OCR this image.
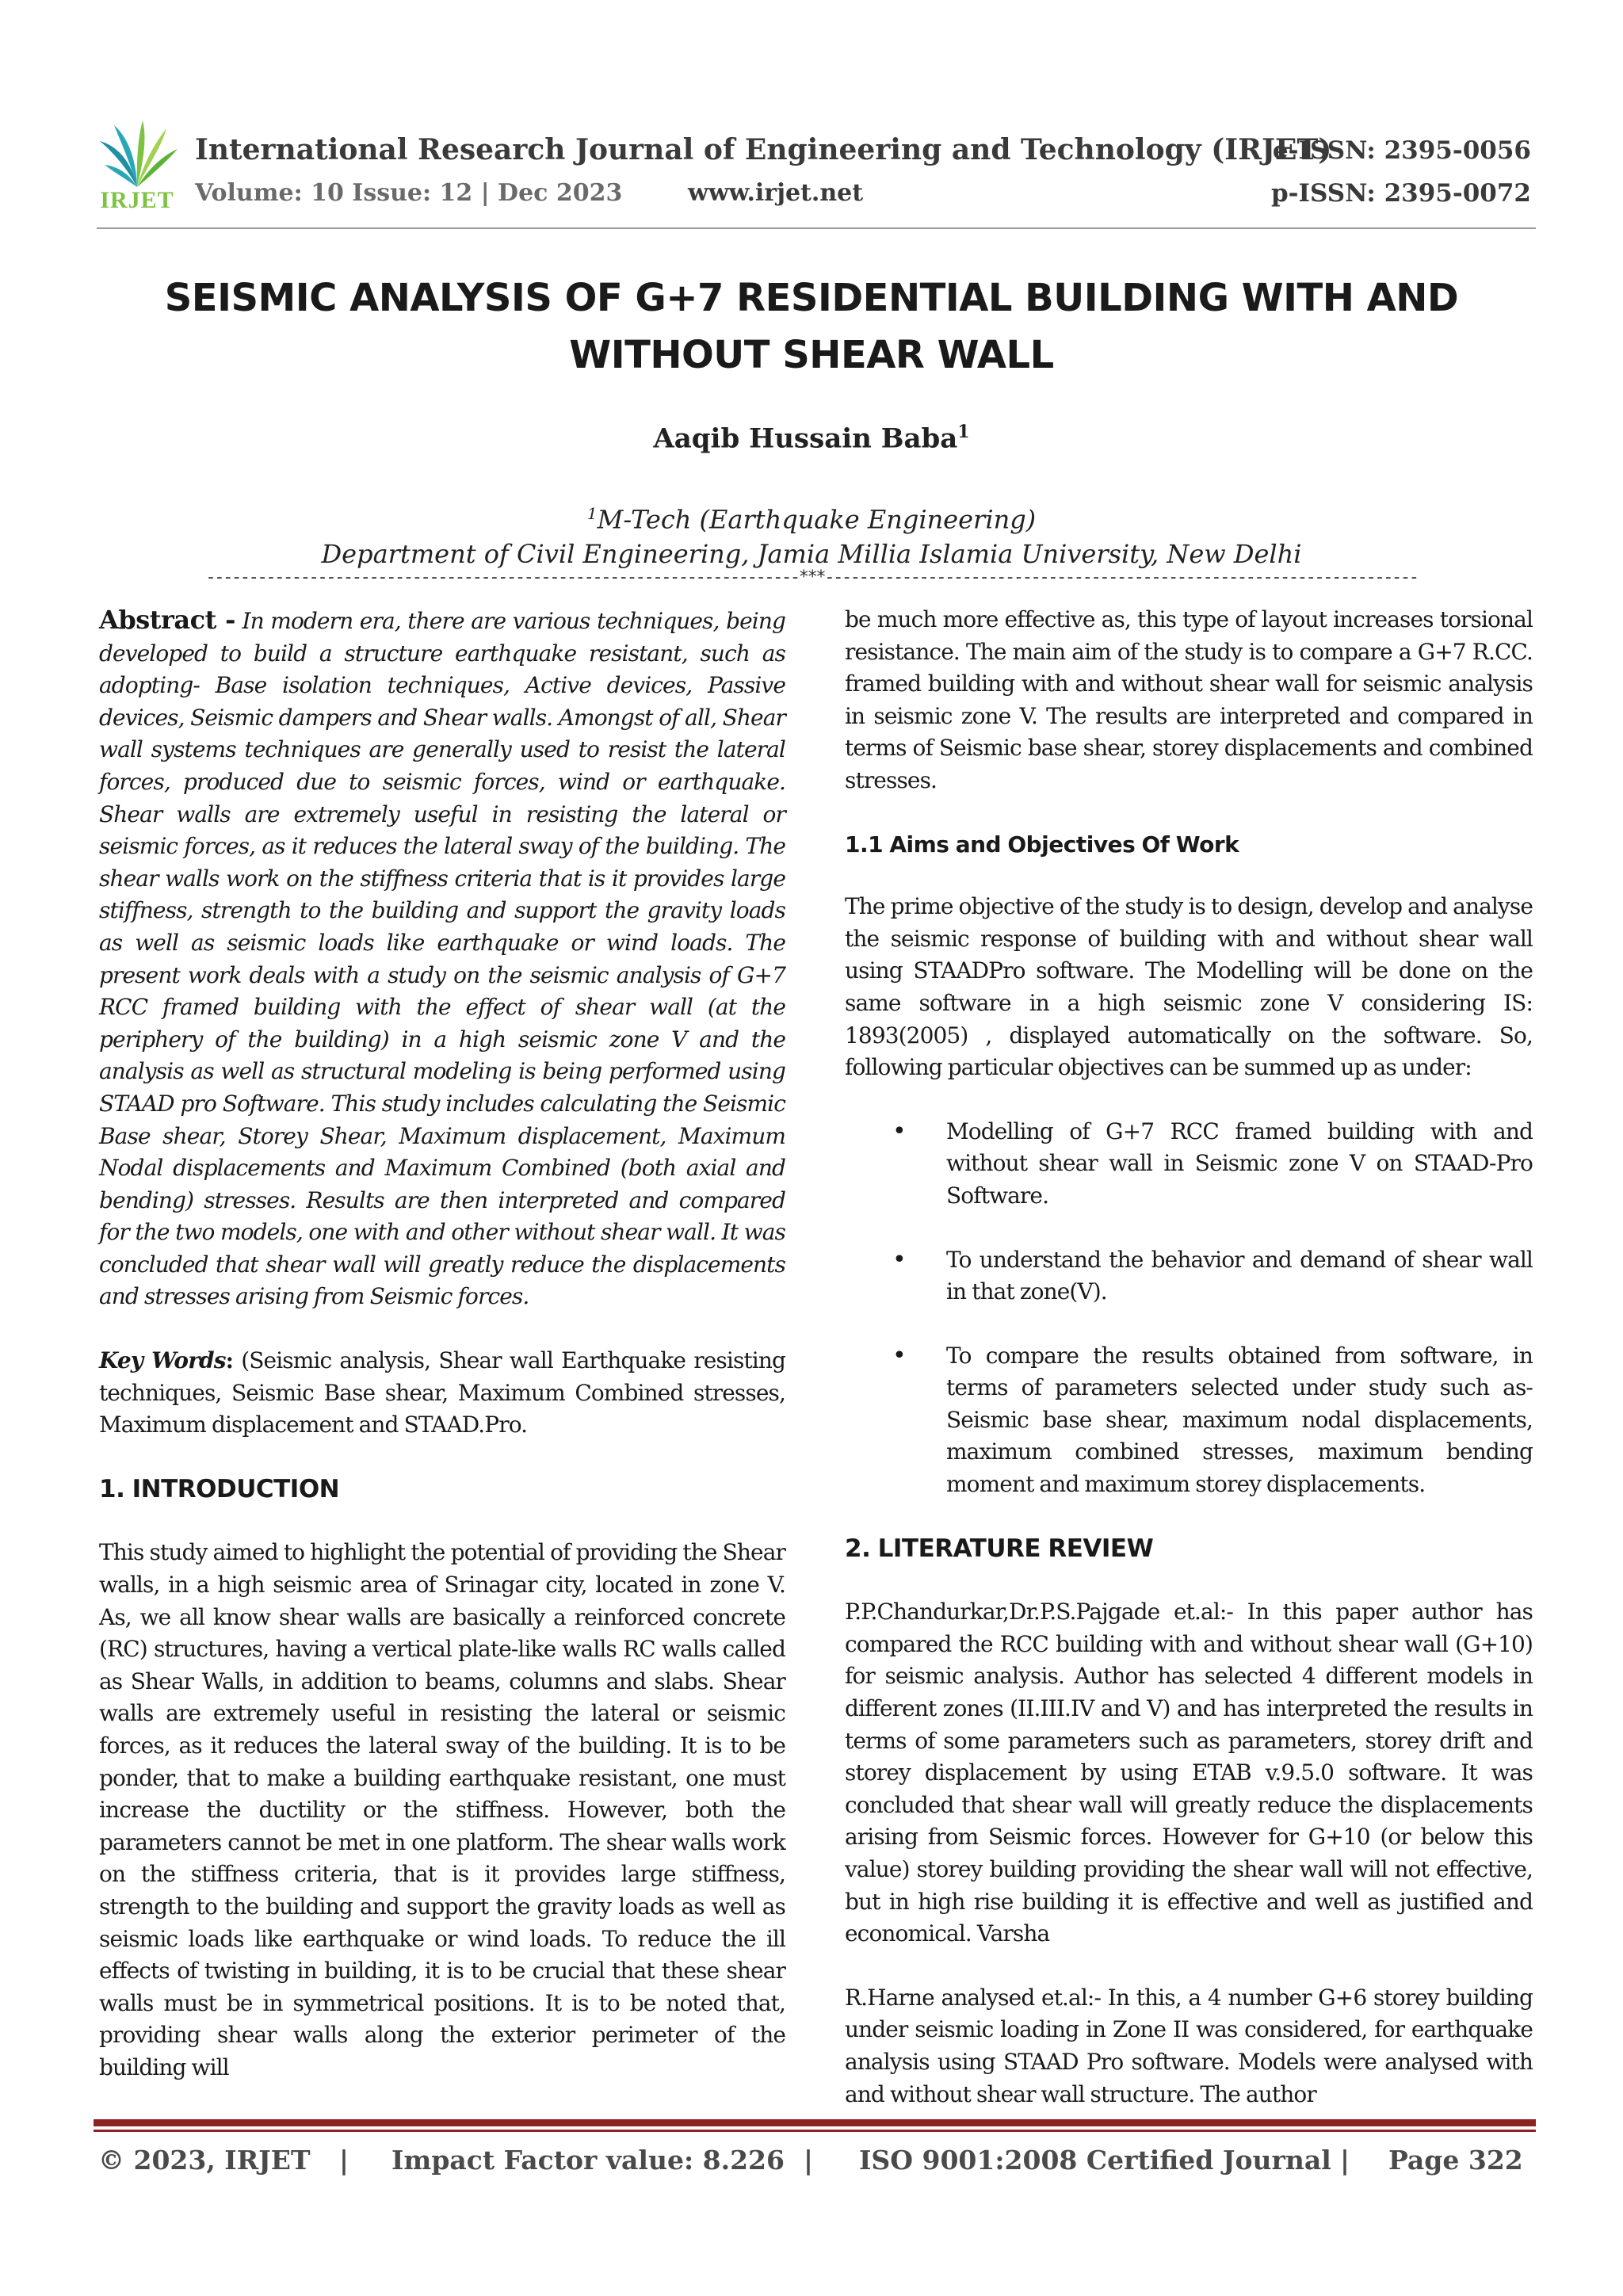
IRJET
International Research Journal of Engineering and Technology (IRJET)
e-ISSN: 2395-0056
Volume: 10 Issue: 12 | Dec 2023	www.irjet.net	p-ISSN: 2395-0072
SEISMIC ANALYSIS OF G+7 RESIDENTIAL BUILDING WITH AND
WITHOUT SHEAR WALL
Aaqib Hussain Baba$^1$
$^1$M-Tech (Earthquake Engineering)
Department of Civil Engineering, Jamia Millia Islamia University, New Delhi
---------------------------------------------------------------------***---------------------------------------------------------------------

Abstract - In modern era, there are various techniques, being developed to build a structure earthquake resistant, such as adopting- Base isolation techniques, Active devices, Passive devices, Seismic dampers and Shear walls. Amongst of all, Shear wall systems techniques are generally used to resist the lateral forces, produced due to seismic forces, wind or earthquake. Shear walls are extremely useful in resisting the lateral or seismic forces, as it reduces the lateral sway of the building. The shear walls work on the stiffness criteria that is it provides large stiffness, strength to the building and support the gravity loads as well as seismic loads like earthquake or wind loads. The present work deals with a study on the seismic analysis of G+7 RCC framed building with the effect of shear wall (at the periphery of the building) in a high seismic zone V and the analysis as well as structural modeling is being performed using STAAD pro Software. This study includes calculating the Seismic Base shear, Storey Shear, Maximum displacement, Maximum Nodal displacements and Maximum Combined (both axial and bending) stresses. Results are then interpreted and compared for the two models, one with and other without shear wall. It was concluded that shear wall will greatly reduce the displacements and stresses arising from Seismic forces.

Key Words: (Seismic analysis, Shear wall Earthquake resisting techniques, Seismic Base shear, Maximum Combined stresses, Maximum displacement and STAAD.Pro.

1. INTRODUCTION

This study aimed to highlight the potential of providing the Shear walls, in a high seismic area of Srinagar city, located in zone V. As, we all know shear walls are basically a reinforced concrete (RC) structures, having a vertical plate-like walls RC walls called as Shear Walls, in addition to beams, columns and slabs. Shear walls are extremely useful in resisting the lateral or seismic forces, as it reduces the lateral sway of the building. It is to be ponder, that to make a building earthquake resistant, one must increase the ductility or the stiffness. However, both the parameters cannot be met in one platform. The shear walls work on the stiffness criteria, that is it provides large stiffness, strength to the building and support the gravity loads as well as seismic loads like earthquake or wind loads. To reduce the ill effects of twisting in building, it is to be crucial that these shear walls must be in symmetrical positions. It is to be noted that, providing shear walls along the exterior perimeter of the building will

be much more effective as, this type of layout increases torsional resistance. The main aim of the study is to compare a G+7 R.CC. framed building with and without shear wall for seismic analysis in seismic zone V. The results are interpreted and compared in terms of Seismic base shear, storey displacements and combined stresses.

1.1 Aims and Objectives Of Work

The prime objective of the study is to design, develop and analyse the seismic response of building with and without shear wall using STAADPro software. The Modelling will be done on the same software in a high seismic zone V considering IS: 1893(2005) , displayed automatically on the software. So, following particular objectives can be summed up as under:

• Modelling of G+7 RCC framed building with and without shear wall in Seismic zone V on STAAD-Pro Software.
• To understand the behavior and demand of shear wall in that zone(V).
• To compare the results obtained from software, in terms of parameters selected under study such as- Seismic base shear, maximum nodal displacements, maximum combined stresses, maximum bending moment and maximum storey displacements.

2. LITERATURE REVIEW

P.P.Chandurkar,Dr.P.S.Pajgade et.al:- In this paper author has compared the RCC building with and without shear wall (G+10) for seismic analysis. Author has selected 4 different models in different zones (II.III.IV and V) and has interpreted the results in terms of some parameters such as parameters, storey drift and storey displacement by using ETAB v.9.5.0 software. It was concluded that shear wall will greatly reduce the displacements arising from Seismic forces. However for G+10 (or below this value) storey building providing the shear wall will not effective, but in high rise building it is effective and well as justified and economical. Varsha

R.Harne analysed et.al:- In this, a 4 number G+6 storey building under seismic loading in Zone II was considered, for earthquake analysis using STAAD Pro software. Models were analysed with and without shear wall structure. The author

© 2023, IRJET | Impact Factor value: 8.226 | ISO 9001:2008 Certified Journal | Page 322
